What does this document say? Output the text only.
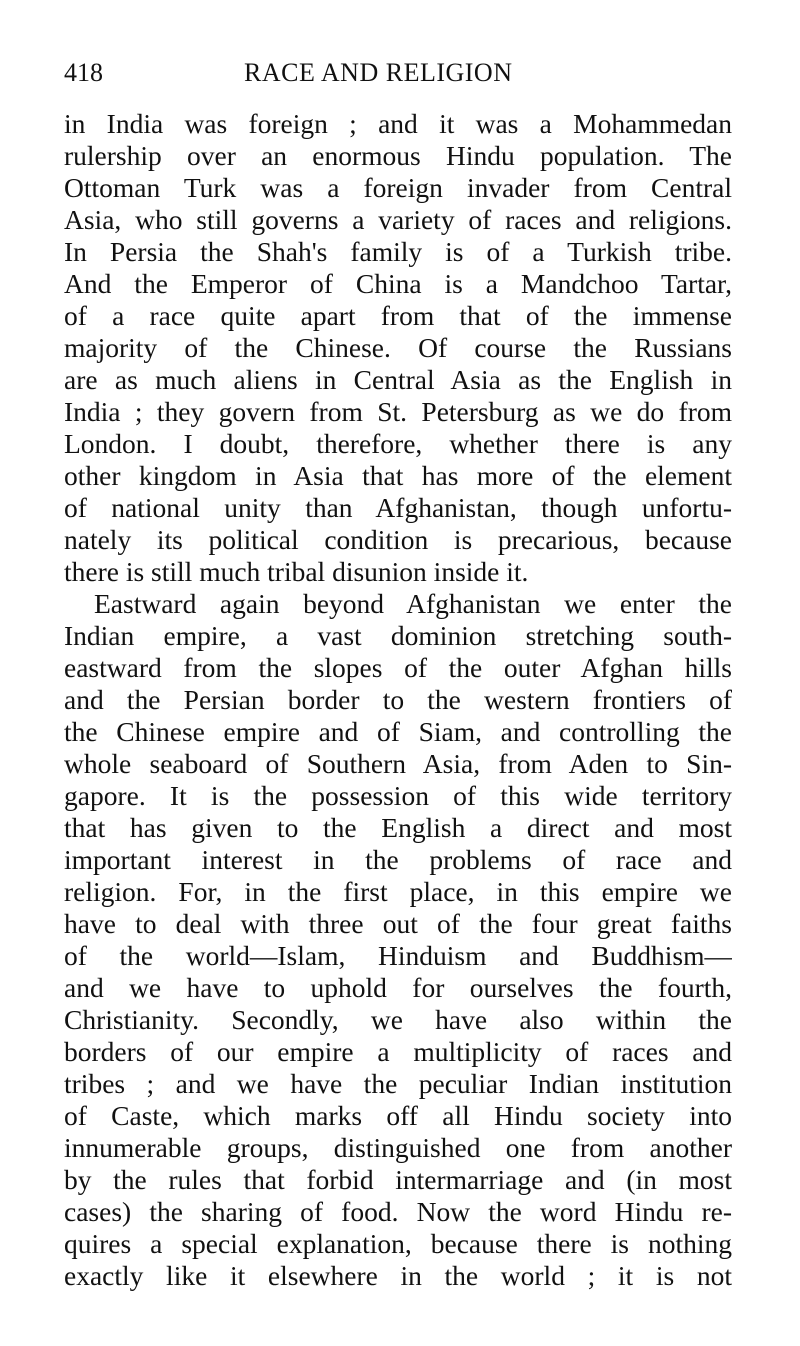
418	RACE AND RELIGION
in India was foreign ; and it was a Mohammedan
rulership over an enormous Hindu population. The
Ottoman Turk was a foreign invader from Central
Asia, who still governs a variety of races and religions.
In Persia the Shah's family is of a Turkish tribe.
And the Emperor of China is a Mandchoo Tartar,
of a race quite apart from that of the immense
majority of the Chinese. Of course the Russians
are as much aliens in Central Asia as the English in
India ; they govern from St. Petersburg as we do from
London. I doubt, therefore, whether there is any
other kingdom in Asia that has more of the element
of national unity than Afghanistan, though unfortu-
nately its political condition is precarious, because
there is still much tribal disunion inside it.
Eastward again beyond Afghanistan we enter the
Indian empire, a vast dominion stretching south-
eastward from the slopes of the outer Afghan hills
and the Persian border to the western frontiers of
the Chinese empire and of Siam, and controlling the
whole seaboard of Southern Asia, from Aden to Sin-
gapore. It is the possession of this wide territory
that has given to the English a direct and most
important interest in the problems of race and
religion. For, in the first place, in this empire we
have to deal with three out of the four great faiths
of the world—Islam, Hinduism and Buddhism—
and we have to uphold for ourselves the fourth,
Christianity. Secondly, we have also within the
borders of our empire a multiplicity of races and
tribes ; and we have the peculiar Indian institution
of Caste, which marks off all Hindu society into
innumerable groups, distinguished one from another
by the rules that forbid intermarriage and (in most
cases) the sharing of food. Now the word Hindu re-
quires a special explanation, because there is nothing
exactly like it elsewhere in the world ; it is not
